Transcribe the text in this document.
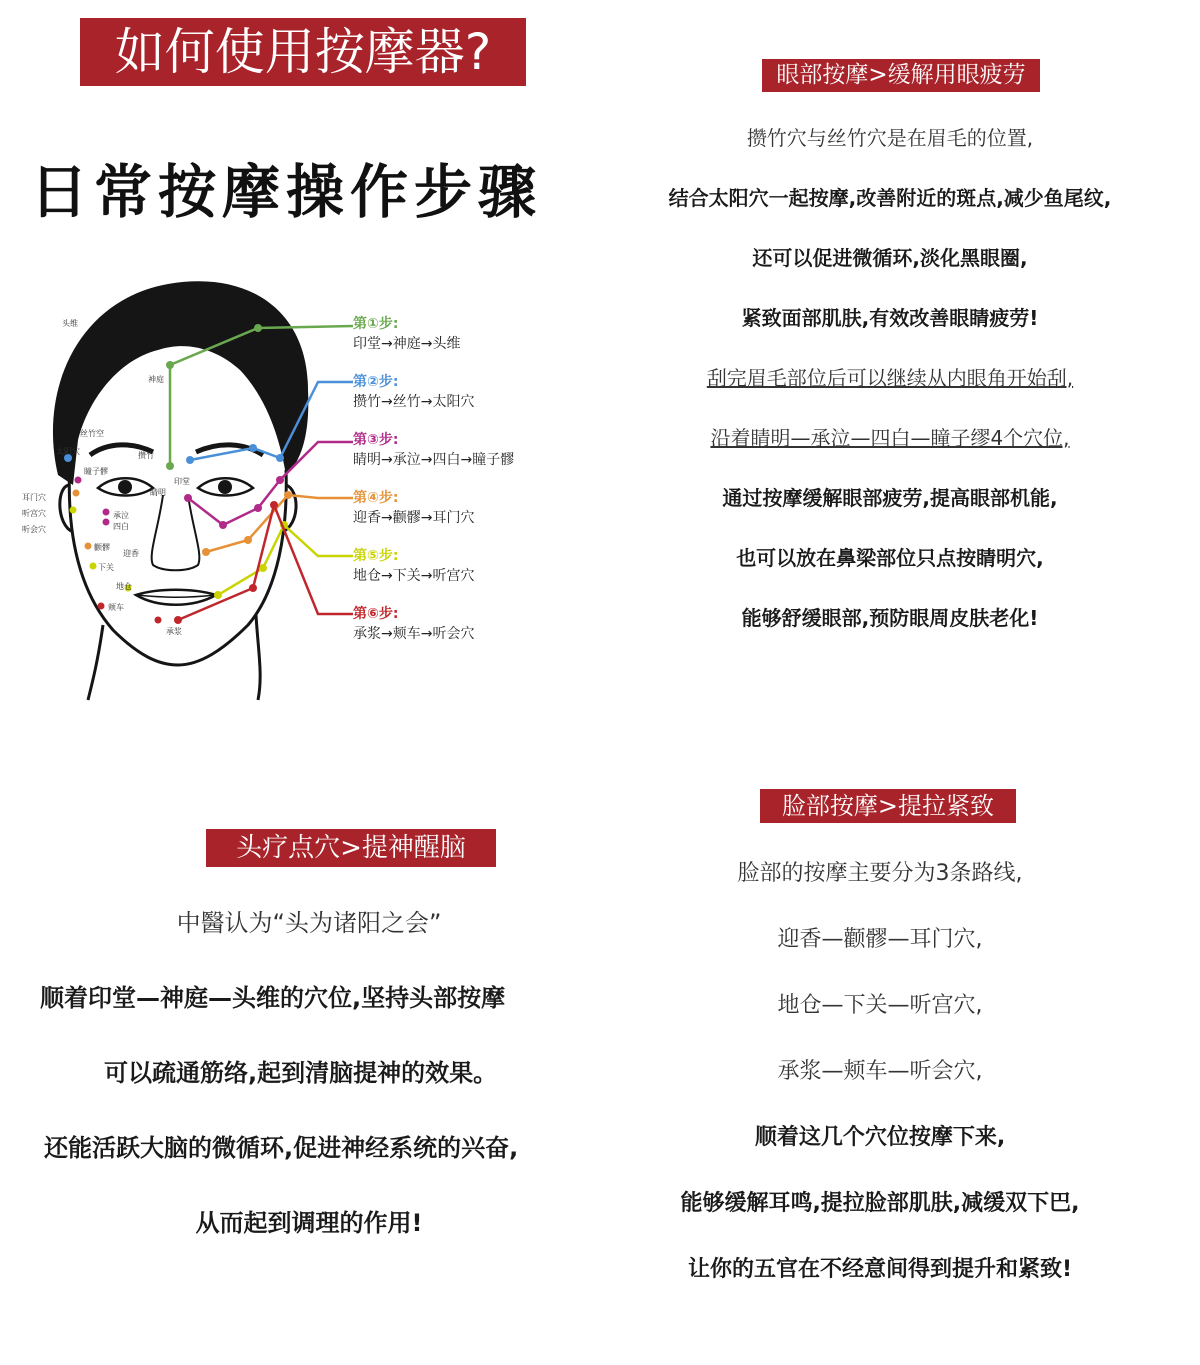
如何使用按摩器?
日常按摩操作步骤
头维
神庭
印堂
攒竹
丝竹空
太阳穴
瞳子髎
睛明
耳门穴
听宫穴
听会穴
承泣
四白
颧髎
迎香
下关
地仓
颊车
承浆
第①步:
印堂→神庭→头维
第②步:
攒竹→丝竹→太阳穴
第③步:
睛明→承泣→四白→瞳子髎
第④步:
迎香→颧髎→耳门穴
第⑤步:
地仓→下关→听宫穴
第⑥步:
承浆→颊车→听会穴
眼部按摩>缓解用眼疲劳
攒竹穴与丝竹穴是在眉毛的位置,
结合太阳穴一起按摩,改善附近的斑点,减少鱼尾纹,
还可以促进微循环,淡化黑眼圈,
紧致面部肌肤,有效改善眼睛疲劳!
刮完眉毛部位后可以继续从内眼角开始刮,
沿着睛明—承泣—四白—瞳子缪4个穴位,
通过按摩缓解眼部疲劳,提高眼部机能,
也可以放在鼻梁部位只点按睛明穴,
能够舒缓眼部,预防眼周皮肤老化!
头疗点穴>提神醒脑
中醫认为“头为诸阳之会”
顺着印堂—神庭—头维的穴位,坚持头部按摩
可以疏通筋络,起到清脑提神的效果。
还能活跃大脑的微循环,促进神经系统的兴奋,
从而起到调理的作用!
脸部按摩>提拉紧致
脸部的按摩主要分为3条路线,
迎香—颧髎—耳门穴,
地仓—下关—听宫穴,
承浆—颊车—听会穴,
顺着这几个穴位按摩下来,
能够缓解耳鸣,提拉脸部肌肤,减缓双下巴,
让你的五官在不经意间得到提升和紧致!
